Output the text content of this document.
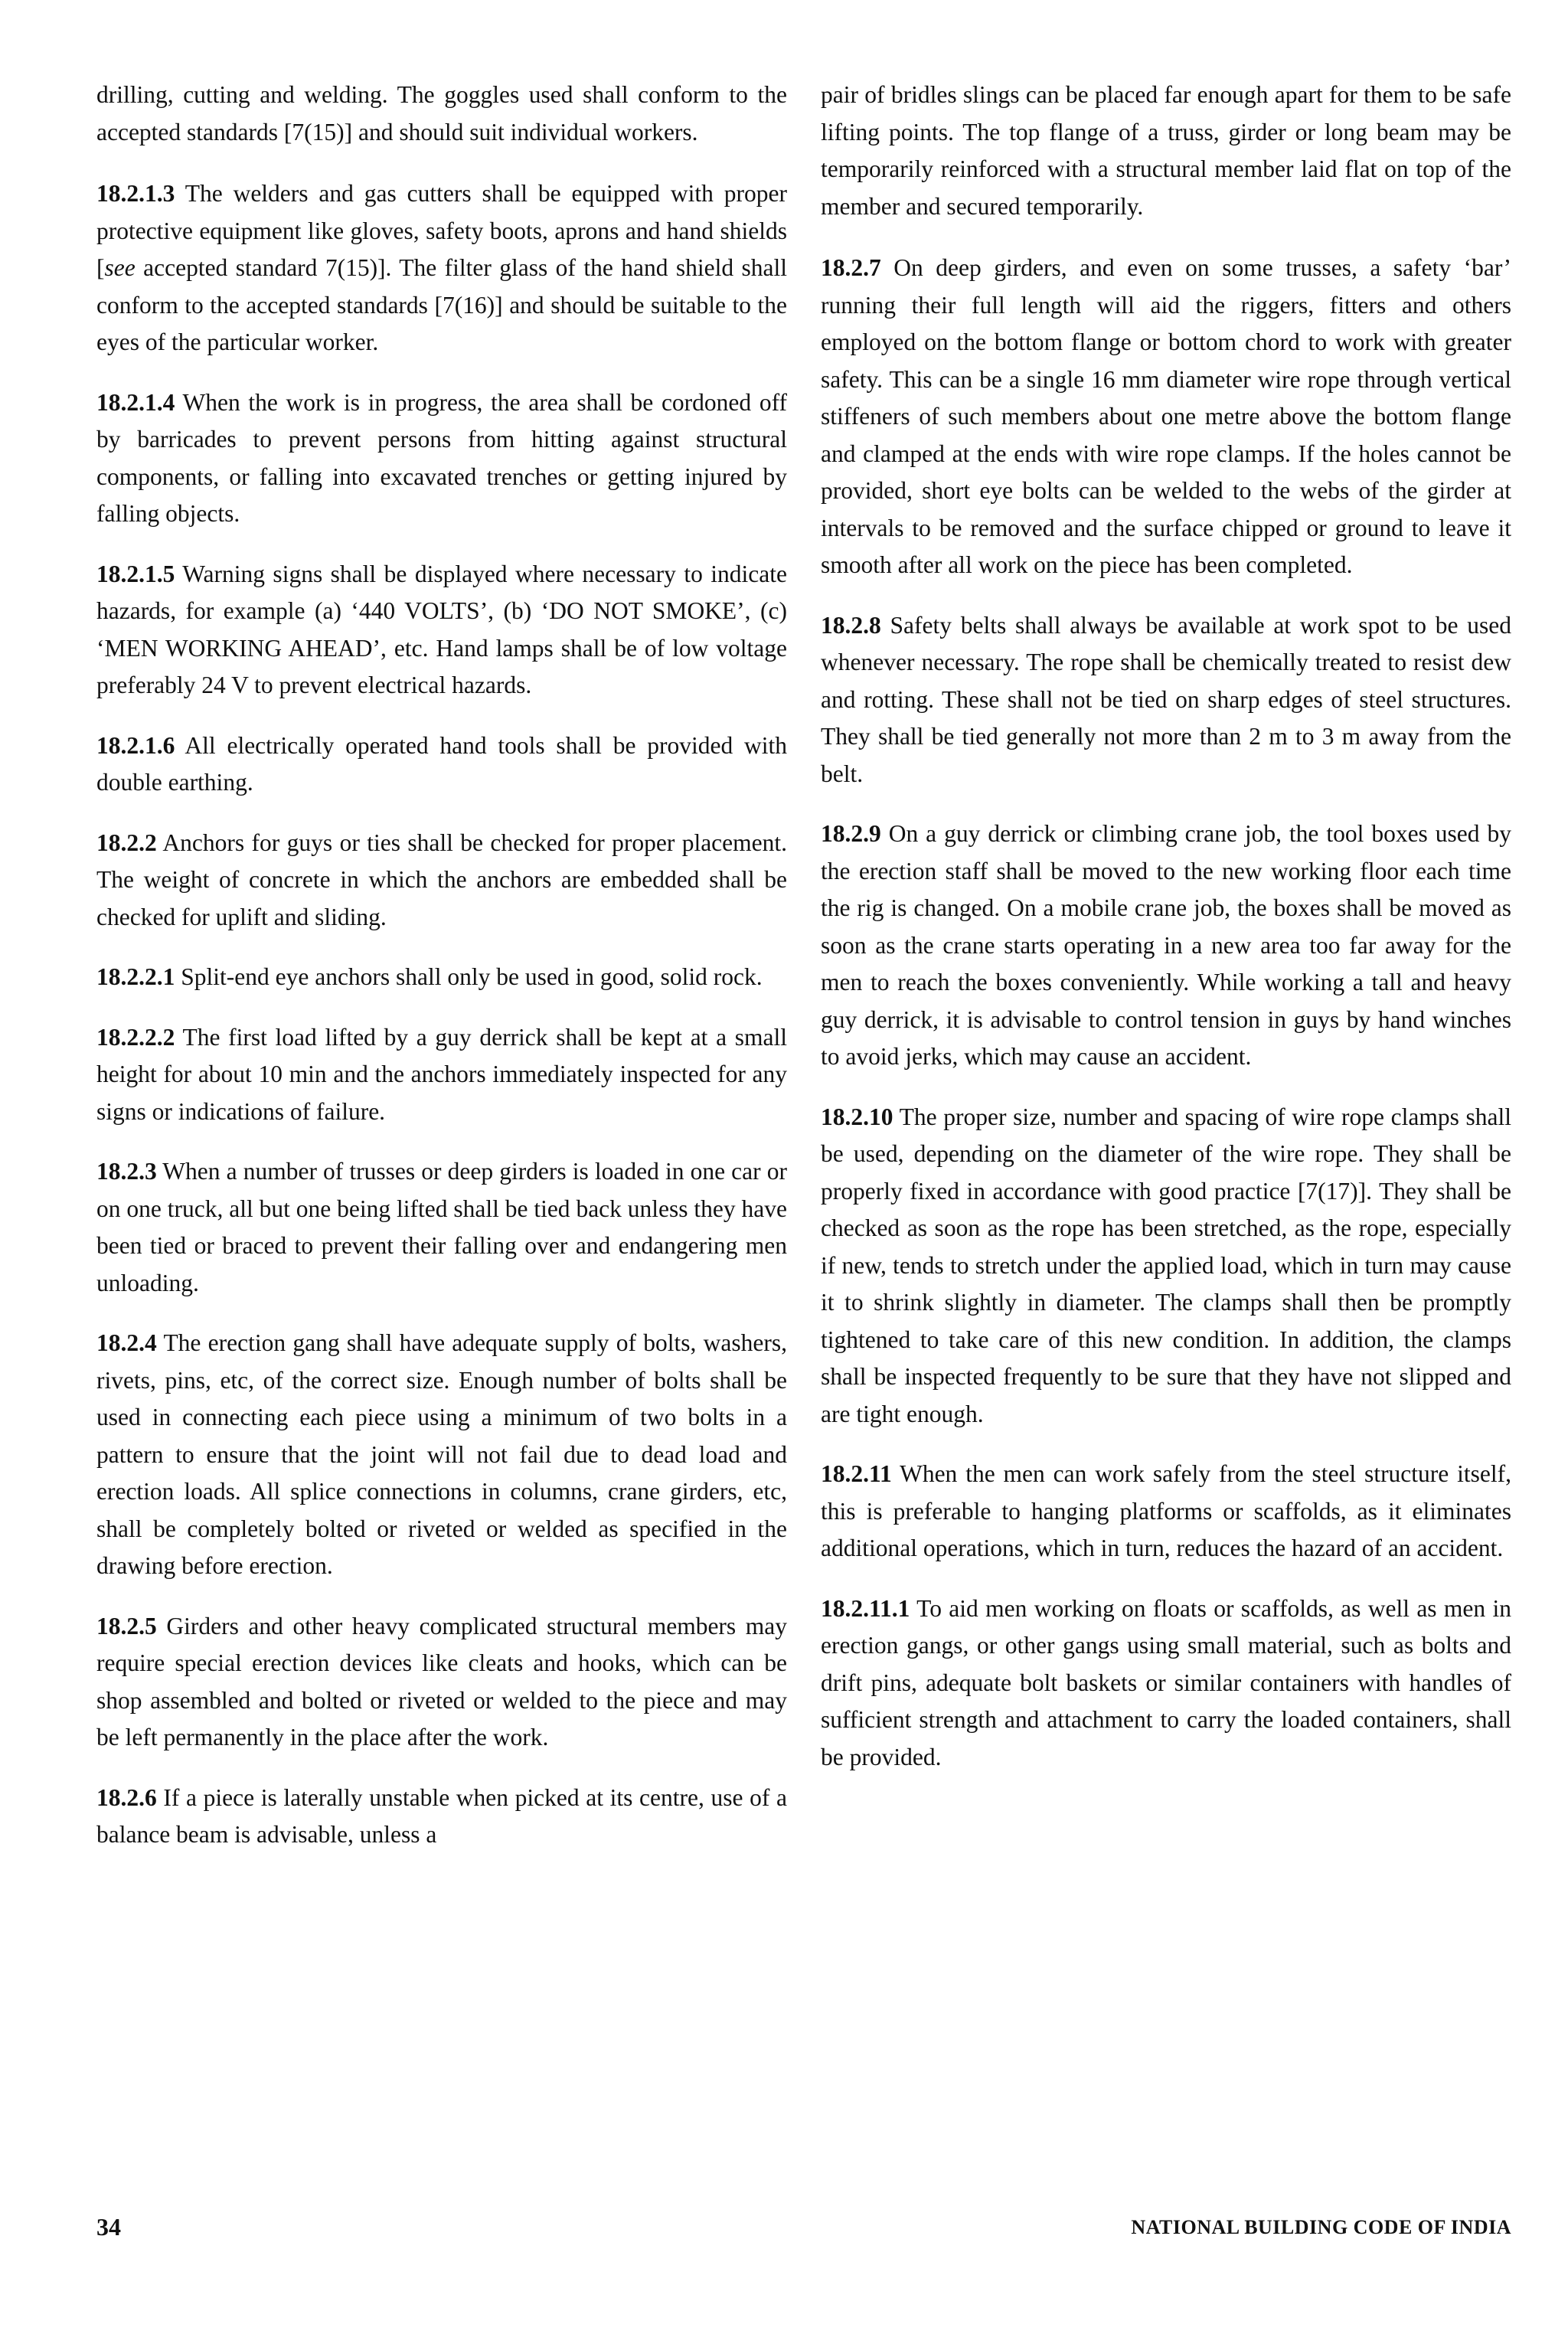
drilling, cutting and welding. The goggles used shall conform to the accepted standards [7(15)] and should suit individual workers.

18.2.1.3 The welders and gas cutters shall be equipped with proper protective equipment like gloves, safety boots, aprons and hand shields [see accepted standard 7(15)]. The filter glass of the hand shield shall conform to the accepted standards [7(16)] and should be suitable to the eyes of the particular worker.

18.2.1.4 When the work is in progress, the area shall be cordoned off by barricades to prevent persons from hitting against structural components, or falling into excavated trenches or getting injured by falling objects.

18.2.1.5 Warning signs shall be displayed where necessary to indicate hazards, for example (a) ‘440 VOLTS’, (b) ‘DO NOT SMOKE’, (c) ‘MEN WORKING AHEAD’, etc. Hand lamps shall be of low voltage preferably 24 V to prevent electrical hazards.

18.2.1.6 All electrically operated hand tools shall be provided with double earthing.

18.2.2 Anchors for guys or ties shall be checked for proper placement. The weight of concrete in which the anchors are embedded shall be checked for uplift and sliding.

18.2.2.1 Split-end eye anchors shall only be used in good, solid rock.

18.2.2.2 The first load lifted by a guy derrick shall be kept at a small height for about 10 min and the anchors immediately inspected for any signs or indications of failure.

18.2.3 When a number of trusses or deep girders is loaded in one car or on one truck, all but one being lifted shall be tied back unless they have been tied or braced to prevent their falling over and endangering men unloading.

18.2.4 The erection gang shall have adequate supply of bolts, washers, rivets, pins, etc, of the correct size. Enough number of bolts shall be used in connecting each piece using a minimum of two bolts in a pattern to ensure that the joint will not fail due to dead load and erection loads. All splice connections in columns, crane girders, etc, shall be completely bolted or riveted or welded as specified in the drawing before erection.

18.2.5 Girders and other heavy complicated structural members may require special erection devices like cleats and hooks, which can be shop assembled and bolted or riveted or welded to the piece and may be left permanently in the place after the work.

18.2.6 If a piece is laterally unstable when picked at its centre, use of a balance beam is advisable, unless a

pair of bridles slings can be placed far enough apart for them to be safe lifting points. The top flange of a truss, girder or long beam may be temporarily reinforced with a structural member laid flat on top of the member and secured temporarily.

18.2.7 On deep girders, and even on some trusses, a safety ‘bar’ running their full length will aid the riggers, fitters and others employed on the bottom flange or bottom chord to work with greater safety. This can be a single 16 mm diameter wire rope through vertical stiffeners of such members about one metre above the bottom flange and clamped at the ends with wire rope clamps. If the holes cannot be provided, short eye bolts can be welded to the webs of the girder at intervals to be removed and the surface chipped or ground to leave it smooth after all work on the piece has been completed.

18.2.8 Safety belts shall always be available at work spot to be used whenever necessary. The rope shall be chemically treated to resist dew and rotting. These shall not be tied on sharp edges of steel structures. They shall be tied generally not more than 2 m to 3 m away from the belt.

18.2.9 On a guy derrick or climbing crane job, the tool boxes used by the erection staff shall be moved to the new working floor each time the rig is changed. On a mobile crane job, the boxes shall be moved as soon as the crane starts operating in a new area too far away for the men to reach the boxes conveniently. While working a tall and heavy guy derrick, it is advisable to control tension in guys by hand winches to avoid jerks, which may cause an accident.

18.2.10 The proper size, number and spacing of wire rope clamps shall be used, depending on the diameter of the wire rope. They shall be properly fixed in accordance with good practice [7(17)]. They shall be checked as soon as the rope has been stretched, as the rope, especially if new, tends to stretch under the applied load, which in turn may cause it to shrink slightly in diameter. The clamps shall then be promptly tightened to take care of this new condition. In addition, the clamps shall be inspected frequently to be sure that they have not slipped and are tight enough.

18.2.11 When the men can work safely from the steel structure itself, this is preferable to hanging platforms or scaffolds, as it eliminates additional operations, which in turn, reduces the hazard of an accident.

18.2.11.1 To aid men working on floats or scaffolds, as well as men in erection gangs, or other gangs using small material, such as bolts and drift pins, adequate bolt baskets or similar containers with handles of sufficient strength and attachment to carry the loaded containers, shall be provided.

34	NATIONAL BUILDING CODE OF INDIA
